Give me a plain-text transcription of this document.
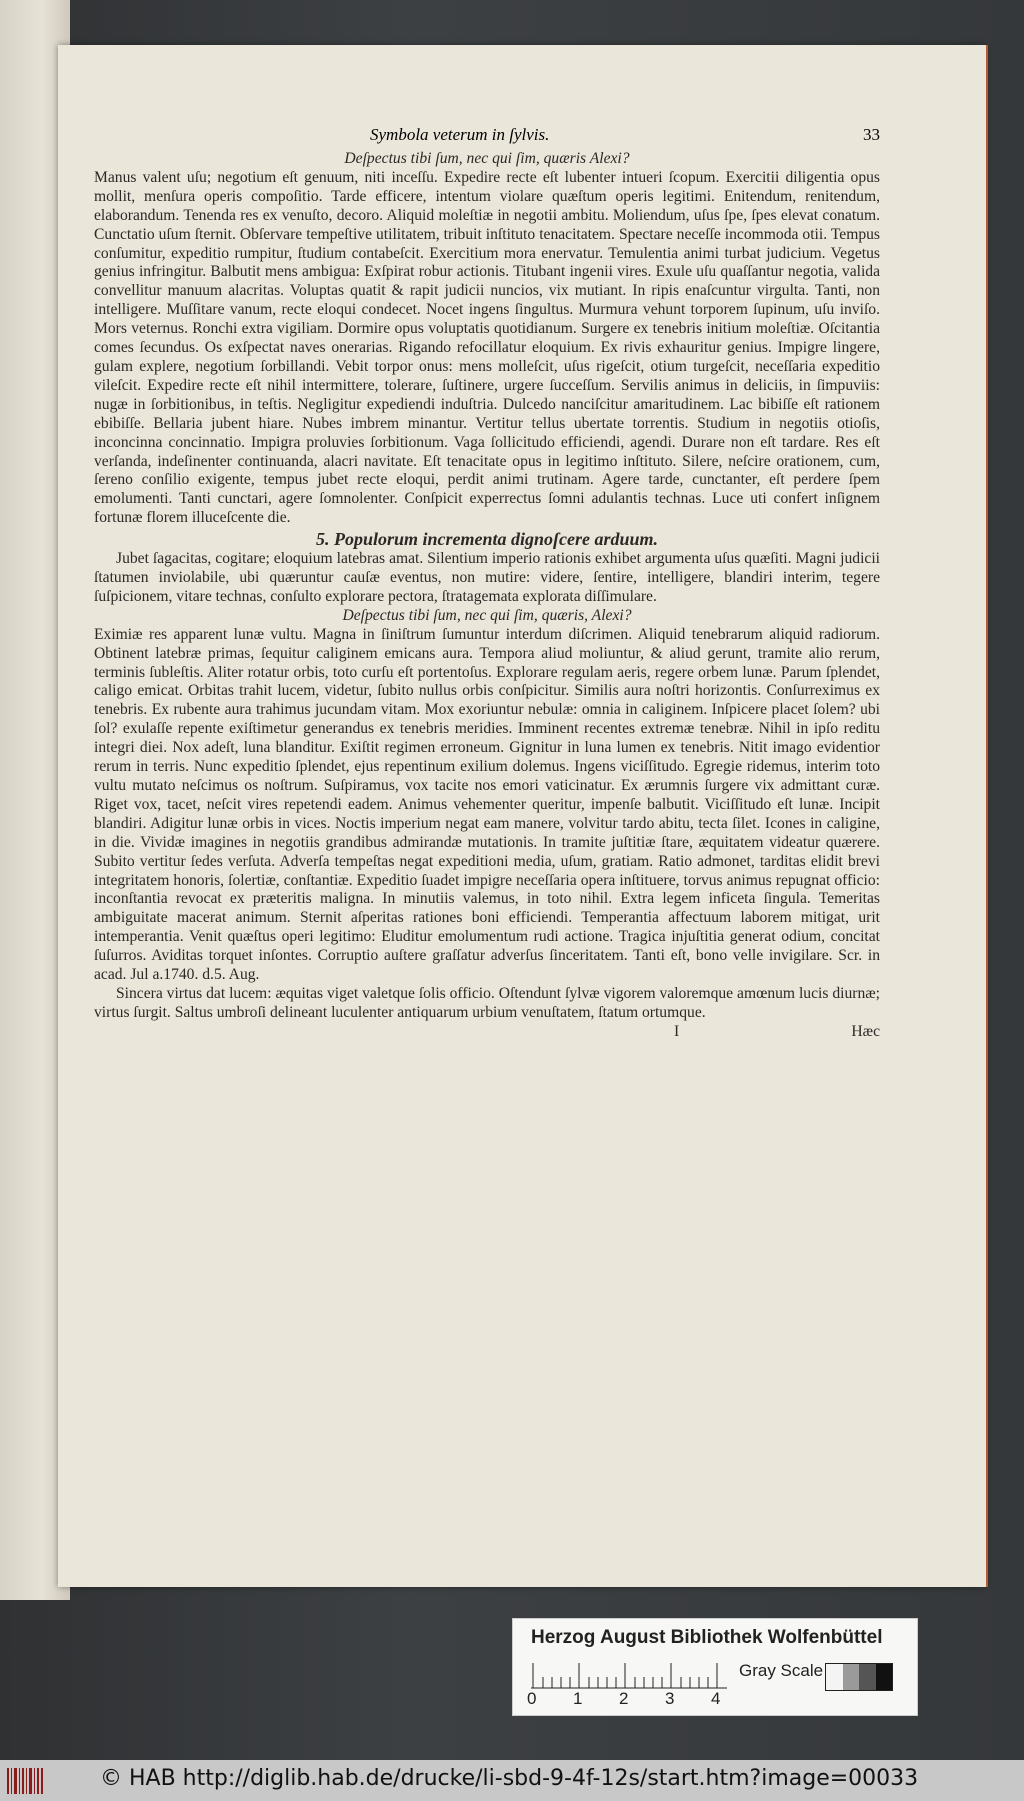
Symbola veterum in ſylvis.	33

Deſpectus tibi ſum, nec qui ſim, quæris Alexi?

Manus valent uſu; negotium eſt genuum, niti inceſſu. Expedire recte eſt lubenter intueri ſcopum. Exercitii diligentia opus mollit, menſura operis compoſitio. Tarde efficere, intentum violare quæſtum operis legitimi. Enitendum, renitendum, elaborandum. Tenenda res ex venuſto, decoro. Aliquid moleſtiæ in negotii ambitu. Moliendum, uſus ſpe, ſpes elevat conatum. Cunctatio uſum ſternit. Obſervare tempeſtive utilitatem, tribuit inſtituto tenacitatem. Spectare neceſſe incommoda otii. Tempus conſumitur, expeditio rumpitur, ſtudium contabeſcit. Exercitium mora enervatur. Temulentia animi turbat judicium. Vegetus genius infringitur. Balbutit mens ambigua: Exſpirat robur actionis. Titubant ingenii vires. Exule uſu quaſſantur negotia, valida convellitur manuum alacritas. Voluptas quatit & rapit judicii nuncios, vix mutiant. In ripis enaſcuntur virgulta. Tanti, non intelligere. Muſſitare vanum, recte eloqui condecet. Nocet ingens ſingultus. Murmura vehunt torporem ſupinum, uſu inviſo. Mors veternus. Ronchi extra vigiliam. Dormire opus voluptatis quotidianum. Surgere ex tenebris initium moleſtiæ. Oſcitantia comes ſecundus. Os exſpectat naves onerarias. Rigando refocillatur eloquium. Ex rivis exhauritur genius. Impigre lingere, gulam explere, negotium ſorbillandi. Vebit torpor onus: mens molleſcit, uſus rigeſcit, otium turgeſcit, neceſſaria expeditio vileſcit. Expedire recte eſt nihil intermittere, tolerare, ſuſtinere, urgere ſucceſſum. Servilis animus in deliciis, in ſimpuviis: nugæ in ſorbitionibus, in teſtis. Negligitur expediendi induſtria. Dulcedo nanciſcitur amaritudinem. Lac bibiſſe eſt rationem ebibiſſe. Bellaria jubent hiare. Nubes imbrem minantur. Vertitur tellus ubertate torrentis. Studium in negotiis otioſis, inconcinna concinnatio. Impigra proluvies ſorbitionum. Vaga ſollicitudo efficiendi, agendi. Durare non eſt tardare. Res eſt verſanda, indeſinenter continuanda, alacri navitate. Eſt tenacitate opus in legitimo inſtituto. Silere, neſcire orationem, cum, ſereno conſilio exigente, tempus jubet recte eloqui, perdit animi trutinam. Agere tarde, cunctanter, eſt perdere ſpem emolumenti. Tanti cunctari, agere ſomnolenter. Conſpicit experrectus ſomni adulantis technas. Luce uti confert inſignem fortunæ florem illuceſcente die.

5. Populorum incrementa dignoſcere arduum.

Jubet ſagacitas, cogitare; eloquium latebras amat. Silentium imperio rationis exhibet argumenta uſus quæſiti. Magni judicii ſtatumen inviolabile, ubi quæruntur cauſæ eventus, non mutire: videre, ſentire, intelligere, blandiri interim, tegere ſuſpicionem, vitare technas, conſulto explorare pectora, ſtratagemata explorata diſſimulare.

Deſpectus tibi ſum, nec qui ſim, quæris, Alexi?

Eximiæ res apparent lunæ vultu. Magna in ſiniſtrum ſumuntur interdum diſcrimen. Aliquid tenebrarum aliquid radiorum. Obtinent latebræ primas, ſequitur caliginem emicans aura. Tempora aliud moliuntur, & aliud gerunt, tramite alio rerum, terminis ſubleſtis. Aliter rotatur orbis, toto curſu eſt portentoſus. Explorare regulam aeris, regere orbem lunæ. Parum ſplendet, caligo emicat. Orbitas trahit lucem, videtur, ſubito nullus orbis conſpicitur. Similis aura noſtri horizontis. Conſurreximus ex tenebris. Ex rubente aura trahimus jucundam vitam. Mox exoriuntur nebulæ: omnia in caliginem. Inſpicere placet ſolem? ubi ſol? exulaſſe repente exiſtimetur generandus ex tenebris meridies. Imminent recentes extremæ tenebræ. Nihil in ipſo reditu integri diei. Nox adeſt, luna blanditur. Exiſtit regimen erroneum. Gignitur in luna lumen ex tenebris. Nitit imago evidentior rerum in terris. Nunc expeditio ſplendet, ejus repentinum exilium dolemus. Ingens viciſſitudo. Egregie ridemus, interim toto vultu mutato neſcimus os noſtrum. Suſpiramus, vox tacite nos emori vaticinatur. Ex ærumnis ſurgere vix admittant curæ. Riget vox, tacet, neſcit vires repetendi eadem. Animus vehementer queritur, impenſe balbutit. Viciſſitudo eſt lunæ. Incipit blandiri. Adigitur lunæ orbis in vices. Noctis imperium negat eam manere, volvitur tardo abitu, tecta ſilet. Icones in caligine, in die. Vividæ imagines in negotiis grandibus admirandæ mutationis. In tramite juſtitiæ ſtare, æquitatem videatur quærere. Subito vertitur ſedes verſuta. Adverſa tempeſtas negat expeditioni media, uſum, gratiam. Ratio admonet, tarditas elidit brevi integritatem honoris, ſolertiæ, conſtantiæ. Expeditio ſuadet impigre neceſſaria opera inſtituere, torvus animus repugnat officio: inconſtantia revocat ex præteritis maligna. In minutiis valemus, in toto nihil. Extra legem inficeta ſingula. Temeritas ambiguitate macerat animum. Sternit aſperitas rationes boni efficiendi. Temperantia affectuum laborem mitigat, urit intemperantia. Venit quæſtus operi legitimo: Eluditur emolumentum rudi actione. Tragica injuſtitia generat odium, concitat ſuſurros. Aviditas torquet inſontes. Corruptio auſtere graſſatur adverſus ſinceritatem. Tanti eſt, bono velle invigilare. Scr. in acad. Jul a.1740. d.5. Aug.

Sincera virtus dat lucem: æquitas viget valetque ſolis officio. Oſtendunt ſylvæ vigorem valoremque amœnum lucis diurnæ; virtus ſurgit. Saltus umbroſi delineant luculenter antiquarum urbium venuſtatem, ſtatum ortumque.

I	Hæc
Herzog August Bibliothek Wolfenbüttel
0 1 2 3 4
Gray Scale
© HAB http://diglib.hab.de/drucke/li-sbd-9-4f-12s/start.htm?image=00033
